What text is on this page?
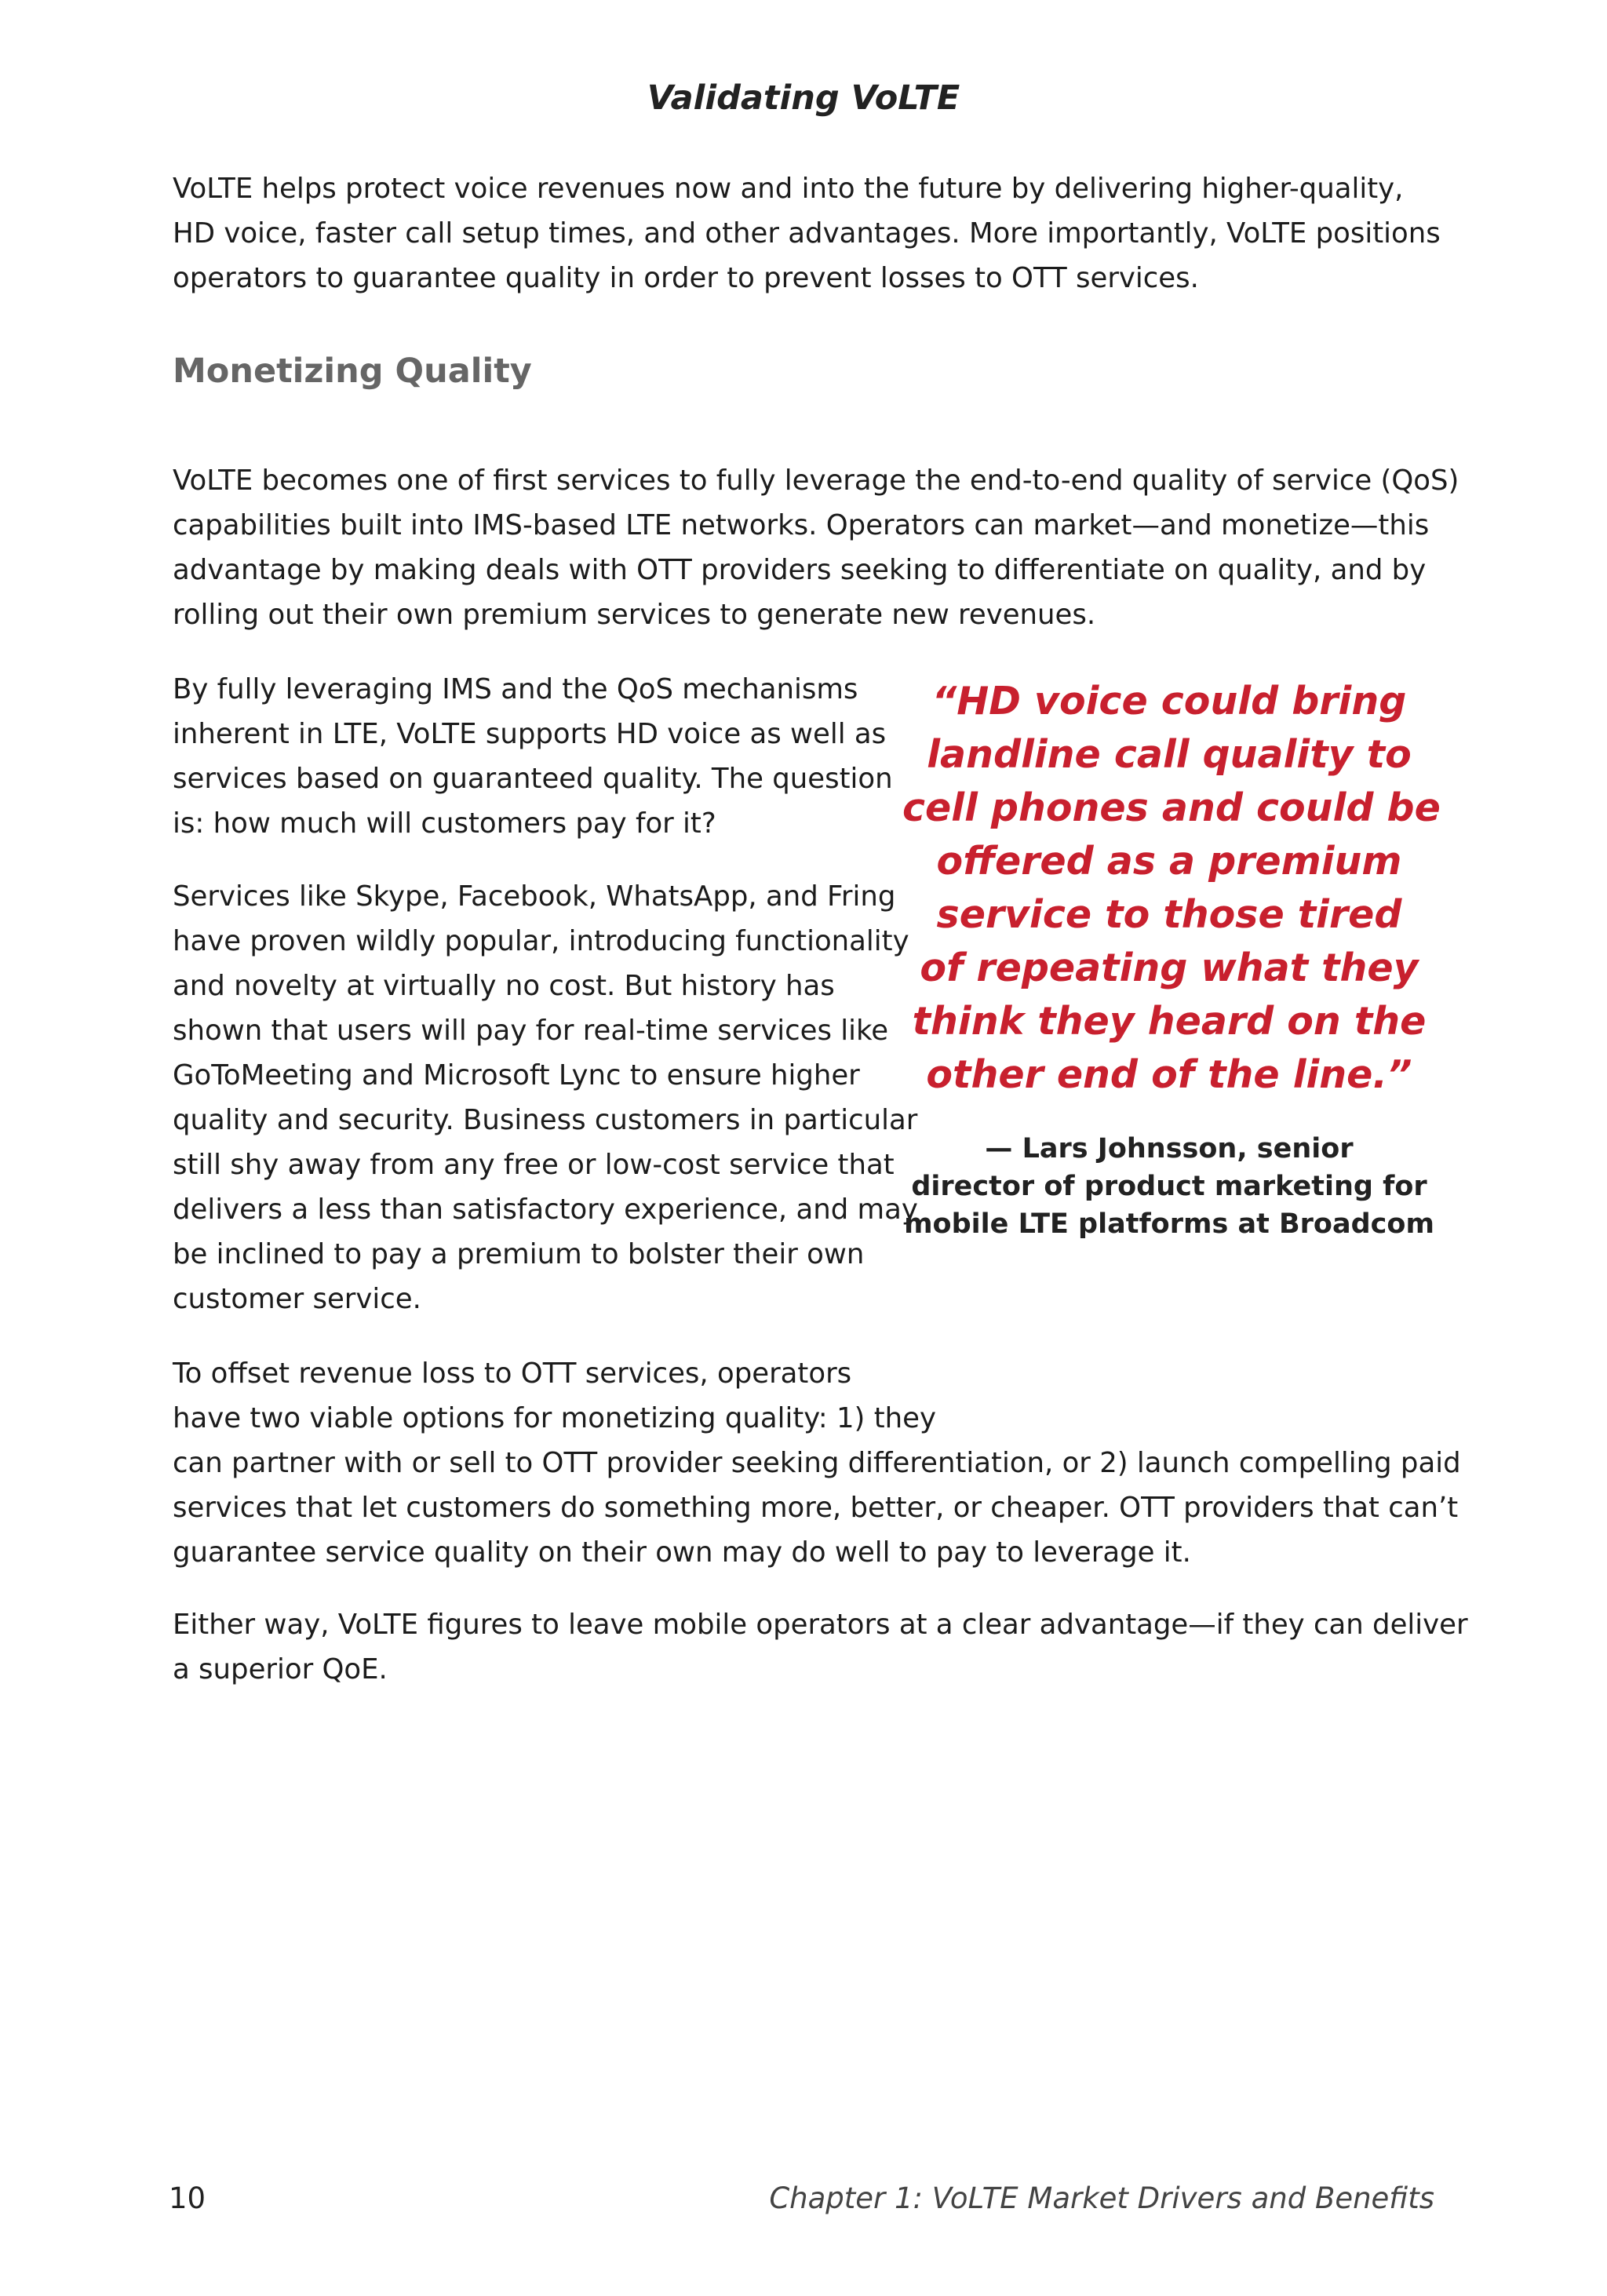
Validating VoLTE

VoLTE helps protect voice revenues now and into the future by delivering higher-quality,
HD voice, faster call setup times, and other advantages. More importantly, VoLTE positions
operators to guarantee quality in order to prevent losses to OTT services.

Monetizing Quality

VoLTE becomes one of first services to fully leverage the end-to-end quality of service (QoS)
capabilities built into IMS-based LTE networks. Operators can market—and monetize—this
advantage by making deals with OTT providers seeking to differentiate on quality, and by
rolling out their own premium services to generate new revenues.

By fully leveraging IMS and the QoS mechanisms
inherent in LTE, VoLTE supports HD voice as well as
services based on guaranteed quality. The question
is: how much will customers pay for it?

Services like Skype, Facebook, WhatsApp, and Fring
have proven wildly popular, introducing functionality
and novelty at virtually no cost. But history has
shown that users will pay for real-time services like
GoToMeeting and Microsoft Lync to ensure higher
quality and security. Business customers in particular
still shy away from any free or low-cost service that
delivers a less than satisfactory experience, and may
be inclined to pay a premium to bolster their own
customer service.

“HD voice could bring
landline call quality to
cell phones and could be
offered as a premium
service to those tired
of repeating what they
think they heard on the
other end of the line.”
— Lars Johnsson, senior
director of product marketing for
mobile LTE platforms at Broadcom

To offset revenue loss to OTT services, operators
have two viable options for monetizing quality: 1) they
can partner with or sell to OTT provider seeking differentiation, or 2) launch compelling paid
services that let customers do something more, better, or cheaper. OTT providers that can’t
guarantee service quality on their own may do well to pay to leverage it.

Either way, VoLTE figures to leave mobile operators at a clear advantage—if they can deliver
a superior QoE.

10	Chapter 1: VoLTE Market Drivers and Benefits
